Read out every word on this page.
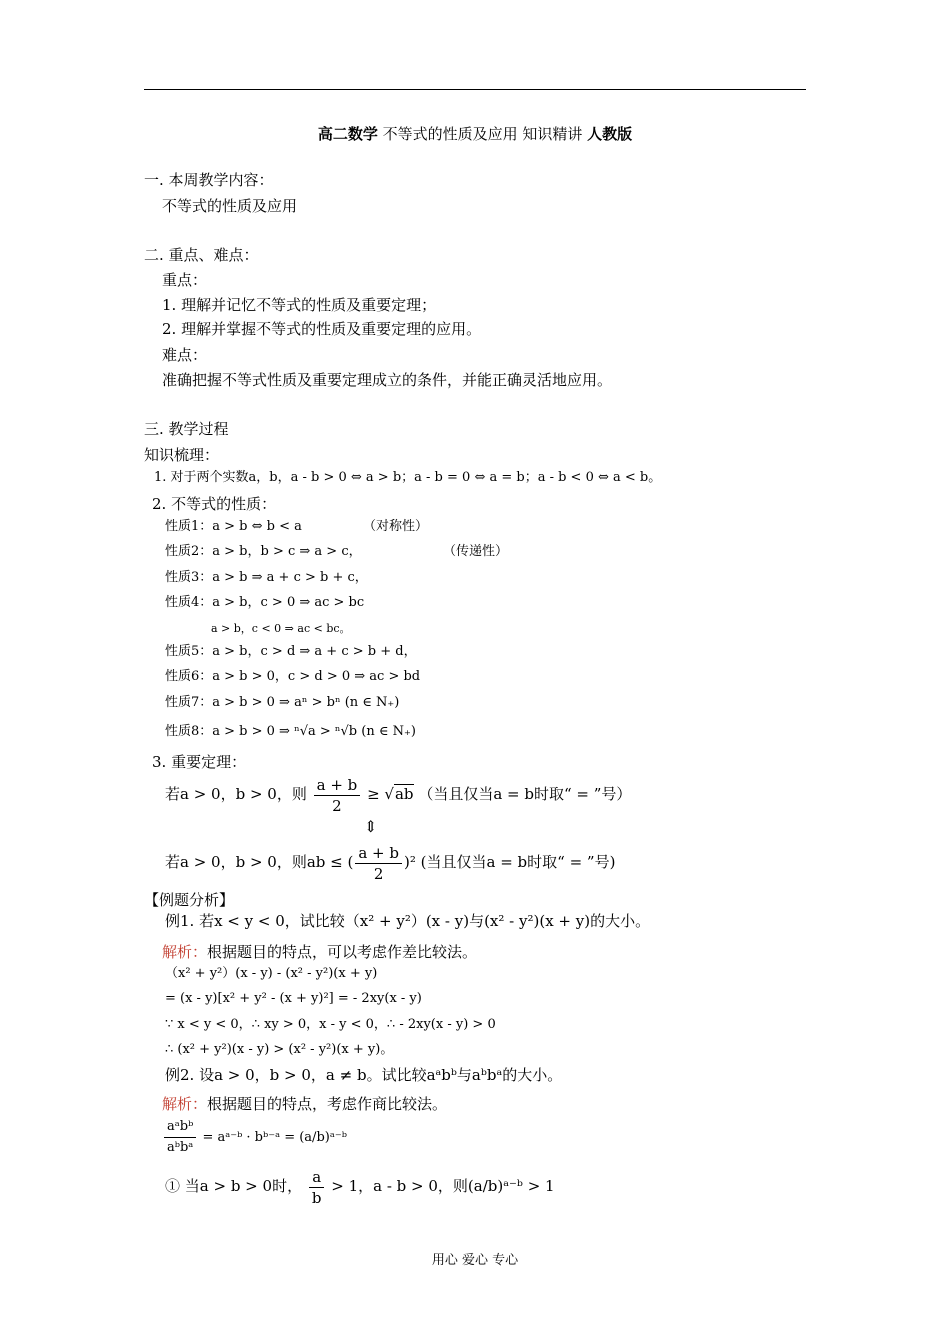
高二数学 不等式的性质及应用 知识精讲 人教版
一. 本周教学内容：
不等式的性质及应用
二. 重点、难点：
重点：
1. 理解并记忆不等式的性质及重要定理；
2. 理解并掌握不等式的性质及重要定理的应用。
难点：
准确把握不等式性质及重要定理成立的条件，并能正确灵活地应用。
三. 教学过程
知识梳理：
1. 对于两个实数a，b，a - b > 0 ⇔ a > b；a - b = 0 ⇔ a = b；a - b < 0 ⇔ a < b。
2. 不等式的性质：
性质1：a > b ⇔ b < a	（对称性）
性质2：a > b，b > c ⇒ a > c，	（传递性）
性质3：a > b ⇒ a + c > b + c，
性质4：a > b，c > 0 ⇒ ac > bc
a > b，c < 0 ⇒ ac < bc。
性质5：a > b，c > d ⇒ a + c > b + d，
性质6：a > b > 0，c > d > 0 ⇒ ac > bd
性质7：a > b > 0 ⇒ aⁿ > bⁿ (n ∈ N₊)
性质8：a > b > 0 ⇒ ⁿ√a > ⁿ√b (n ∈ N₊)
3. 重要定理：
若a > 0，b > 0，则 $\frac{a + b}{2} \ge √ab$ （当且仅当a = b时取“ = ”号）
⇕
若a > 0，b > 0，则ab ≤ ( $\frac{a + b}{2} )^2$ (当且仅当a = b时取“ = ”号)
【例题分析】
例1. 若x < y < 0，试比较（x² + y²）(x - y)与(x² - y²)(x + y)的大小。
解析：根据题目的特点，可以考虑作差比较法。
（x² + y²）(x - y) - (x² - y²)(x + y)
= (x - y)[x² + y² - (x + y)²] = - 2xy(x - y)
∵ x < y < 0，∴ xy > 0，x - y < 0，∴ - 2xy(x - y) > 0
∴ (x² + y²)(x - y) > (x² - y²)(x + y)。
例2. 设a > 0，b > 0，a ≠ b。试比较aᵃbᵇ与aᵇbᵃ的大小。
解析：根据题目的特点，考虑作商比较法。
$\frac{\text{aᵃbᵇ}}{\text{aᵇbᵃ}}$ = aᵃ⁻ᵇ · bᵇ⁻ᵃ = (a/b)ᵃ⁻ᵇ
① 当a > b > 0时， $\frac{a}{b} > 1$，a - b > 0，则(a/b)ᵃ⁻ᵇ > 1
用心 爱心 专心
